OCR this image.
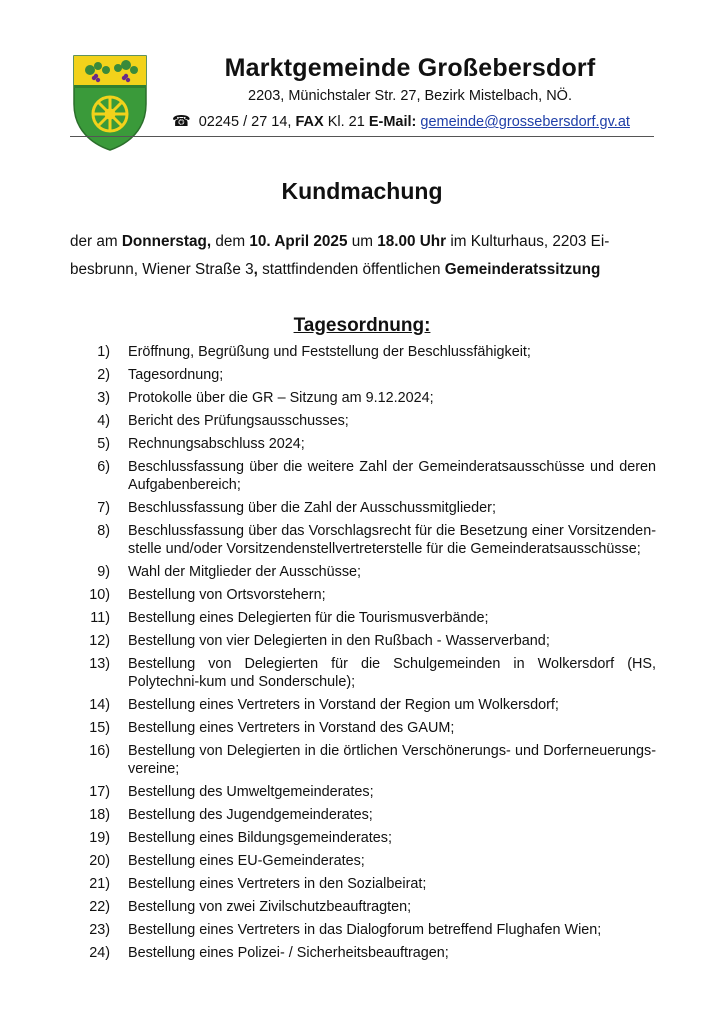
Marktgemeinde Großebersdorf
2203, Münichstaler Str. 27, Bezirk Mistelbach, NÖ.
☎ 02245 / 27 14, FAX Kl. 21 E-Mail: gemeinde@grossebersdorf.gv.at
Kundmachung
der am Donnerstag, dem 10. April 2025 um 18.00 Uhr im Kulturhaus, 2203 Ei-
besbrunn, Wiener Straße 3, stattfindenden öffentlichen Gemeinderatssitzung
Tagesordnung:
1)	Eröffnung, Begrüßung und Feststellung der Beschlussfähigkeit;
2)	Tagesordnung;
3)	Protokolle über die GR – Sitzung am 9.12.2024;
4)	Bericht des Prüfungsausschusses;
5)	Rechnungsabschluss 2024;
6)	Beschlussfassung über die weitere Zahl der Gemeinderatsausschüsse und deren Aufgabenbereich;
7)	Beschlussfassung über die Zahl der Ausschussmitglieder;
8)	Beschlussfassung über das Vorschlagsrecht für die Besetzung einer Vorsitzenden-stelle und/oder Vorsitzendenstellvertreterstelle für die Gemeinderatsausschüsse;
9)	Wahl der Mitglieder der Ausschüsse;
10)	Bestellung von Ortsvorstehern;
11)	Bestellung eines Delegierten für die Tourismusverbände;
12)	Bestellung von vier Delegierten in den Rußbach - Wasserverband;
13)	Bestellung von Delegierten für die Schulgemeinden in Wolkersdorf (HS, Polytechni-kum und Sonderschule);
14)	Bestellung eines Vertreters in Vorstand der Region um Wolkersdorf;
15)	Bestellung eines Vertreters in Vorstand des GAUM;
16)	Bestellung von Delegierten in die örtlichen Verschönerungs- und Dorferneuerungs-vereine;
17)	Bestellung des Umweltgemeinderates;
18)	Bestellung des Jugendgemeinderates;
19)	Bestellung eines Bildungsgemeinderates;
20)	Bestellung eines EU-Gemeinderates;
21)	Bestellung eines Vertreters in den Sozialbeirat;
22)	Bestellung von zwei Zivilschutzbeauftragten;
23)	Bestellung eines Vertreters in das Dialogforum betreffend Flughafen Wien;
24)	Bestellung eines Polizei- / Sicherheitsbeauftragen;
